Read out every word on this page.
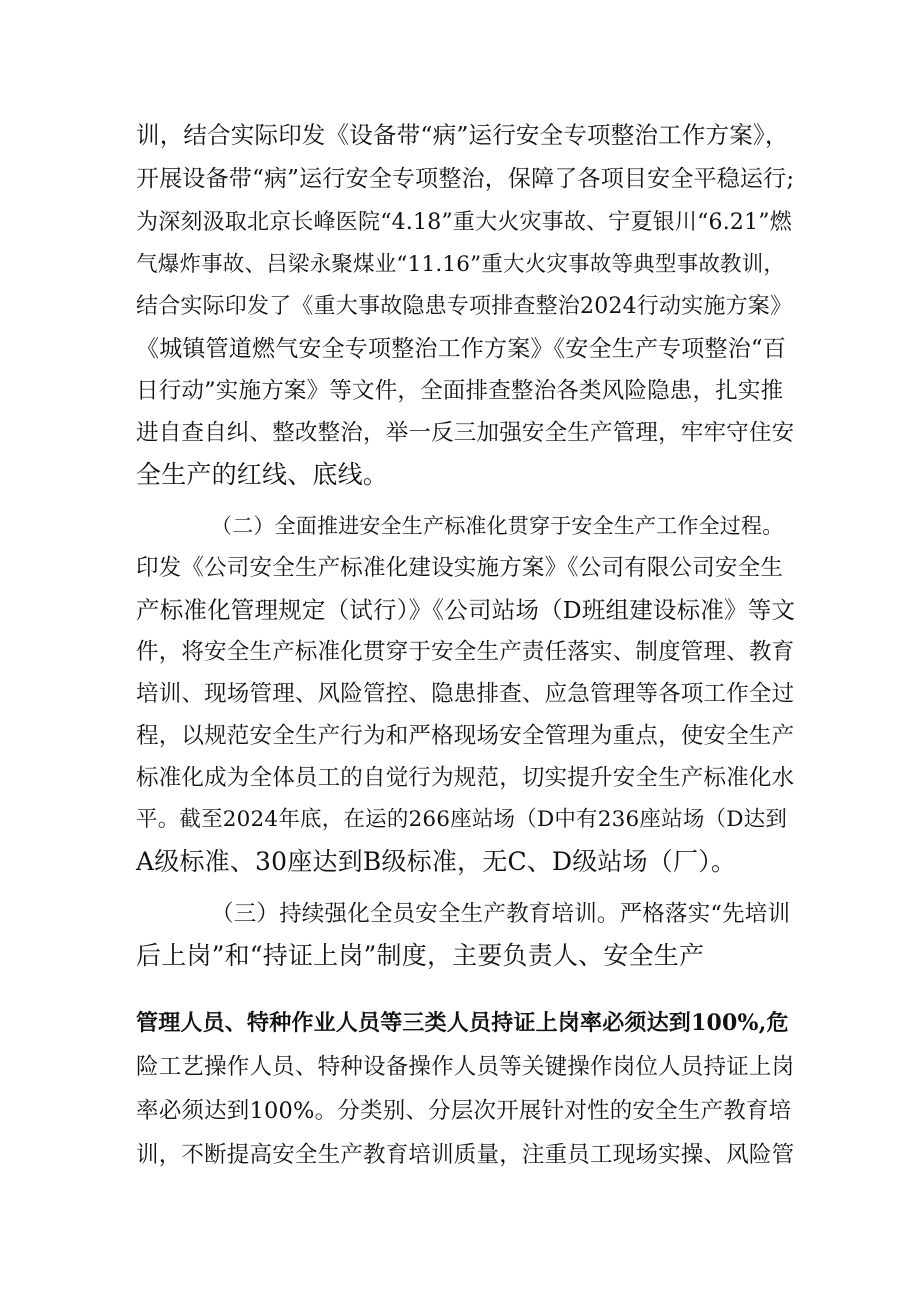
训，结合实际印发《设备带“病”运行安全专项整治工作方案》，

开展设备带“病”运行安全专项整治，保障了各项目安全平稳运行;

为深刻汲取北京长峰医院“4.18”重大火灾事故、宁夏银川“6.21”燃

气爆炸事故、吕梁永聚煤业“11.16”重大火灾事故等典型事故教训，

结合实际印发了《重大事故隐患专项排查整治2024行动实施方案》

《城镇管道燃气安全专项整治工作方案》《安全生产专项整治“百

日行动”实施方案》等文件，全面排查整治各类风险隐患，扎实推

进自查自纠、整改整治，举一反三加强安全生产管理，牢牢守住安

全生产的红线、底线。

（二）全面推进安全生产标准化贯穿于安全生产工作全过程。

印发《公司安全生产标准化建设实施方案》《公司有限公司安全生

产标准化管理规定（试行）》《公司站场（D班组建设标准》等文

件，将安全生产标准化贯穿于安全生产责任落实、制度管理、教育

培训、现场管理、风险管控、隐患排查、应急管理等各项工作全过

程，以规范安全生产行为和严格现场安全管理为重点，使安全生产

标准化成为全体员工的自觉行为规范，切实提升安全生产标准化水

平。截至2024年底，在运的266座站场（D中有236座站场（D达到

A级标准、30座达到B级标准，无C、D级站场（厂）。

（三）持续强化全员安全生产教育培训。严格落实“先培训

后上岗”和“持证上岗”制度，主要负责人、安全生产

管理人员、特种作业人员等三类人员持证上岗率必须达到100%,危

险工艺操作人员、特种设备操作人员等关键操作岗位人员持证上岗

率必须达到100%。分类别、分层次开展针对性的安全生产教育培

训，不断提高安全生产教育培训质量，注重员工现场实操、风险管
